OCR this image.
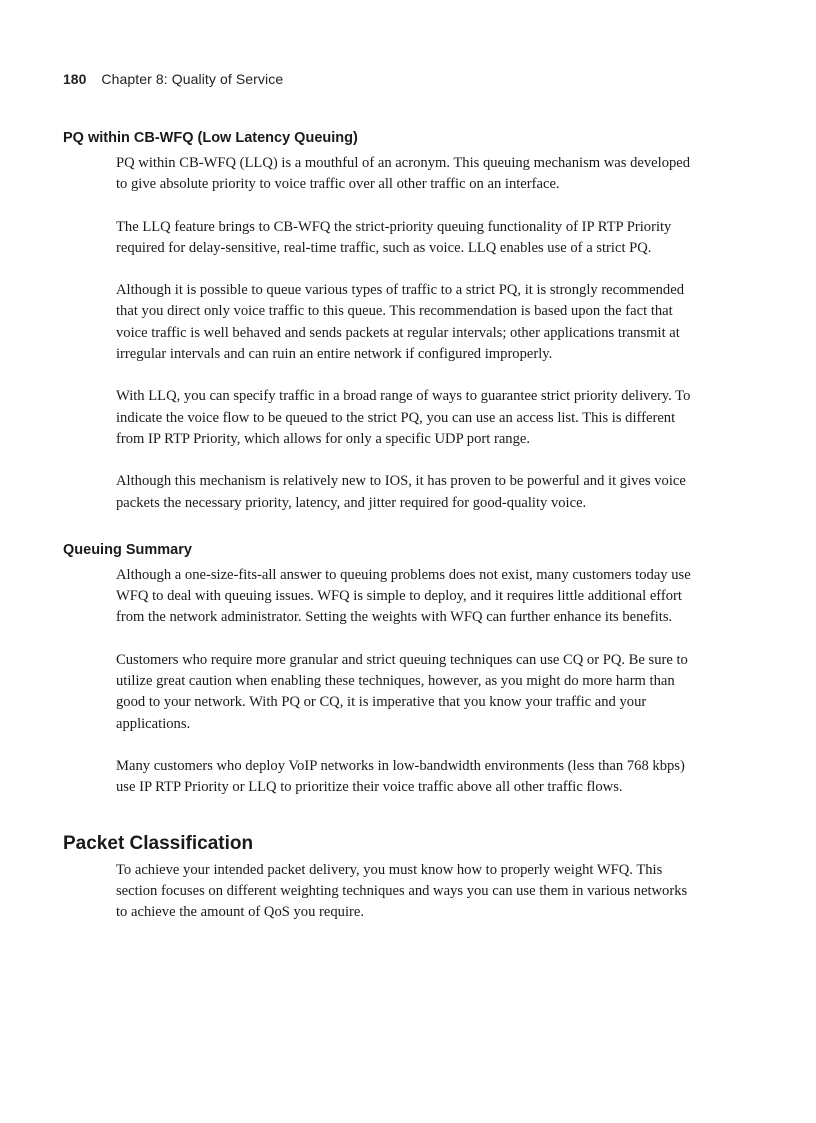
180 Chapter 8: Quality of Service
PQ within CB-WFQ (Low Latency Queuing)

PQ within CB-WFQ (LLQ) is a mouthful of an acronym. This queuing mechanism was developed to give absolute priority to voice traffic over all other traffic on an interface.

The LLQ feature brings to CB-WFQ the strict-priority queuing functionality of IP RTP Priority required for delay-sensitive, real-time traffic, such as voice. LLQ enables use of a strict PQ.

Although it is possible to queue various types of traffic to a strict PQ, it is strongly recommended that you direct only voice traffic to this queue. This recommendation is based upon the fact that voice traffic is well behaved and sends packets at regular intervals; other applications transmit at irregular intervals and can ruin an entire network if configured improperly.

With LLQ, you can specify traffic in a broad range of ways to guarantee strict priority delivery. To indicate the voice flow to be queued to the strict PQ, you can use an access list. This is different from IP RTP Priority, which allows for only a specific UDP port range.

Although this mechanism is relatively new to IOS, it has proven to be powerful and it gives voice packets the necessary priority, latency, and jitter required for good-quality voice.

Queuing Summary

Although a one-size-fits-all answer to queuing problems does not exist, many customers today use WFQ to deal with queuing issues. WFQ is simple to deploy, and it requires little additional effort from the network administrator. Setting the weights with WFQ can further enhance its benefits.

Customers who require more granular and strict queuing techniques can use CQ or PQ. Be sure to utilize great caution when enabling these techniques, however, as you might do more harm than good to your network. With PQ or CQ, it is imperative that you know your traffic and your applications.

Many customers who deploy VoIP networks in low-bandwidth environments (less than 768 kbps) use IP RTP Priority or LLQ to prioritize their voice traffic above all other traffic flows.

Packet Classification

To achieve your intended packet delivery, you must know how to properly weight WFQ. This section focuses on different weighting techniques and ways you can use them in various networks to achieve the amount of QoS you require.
